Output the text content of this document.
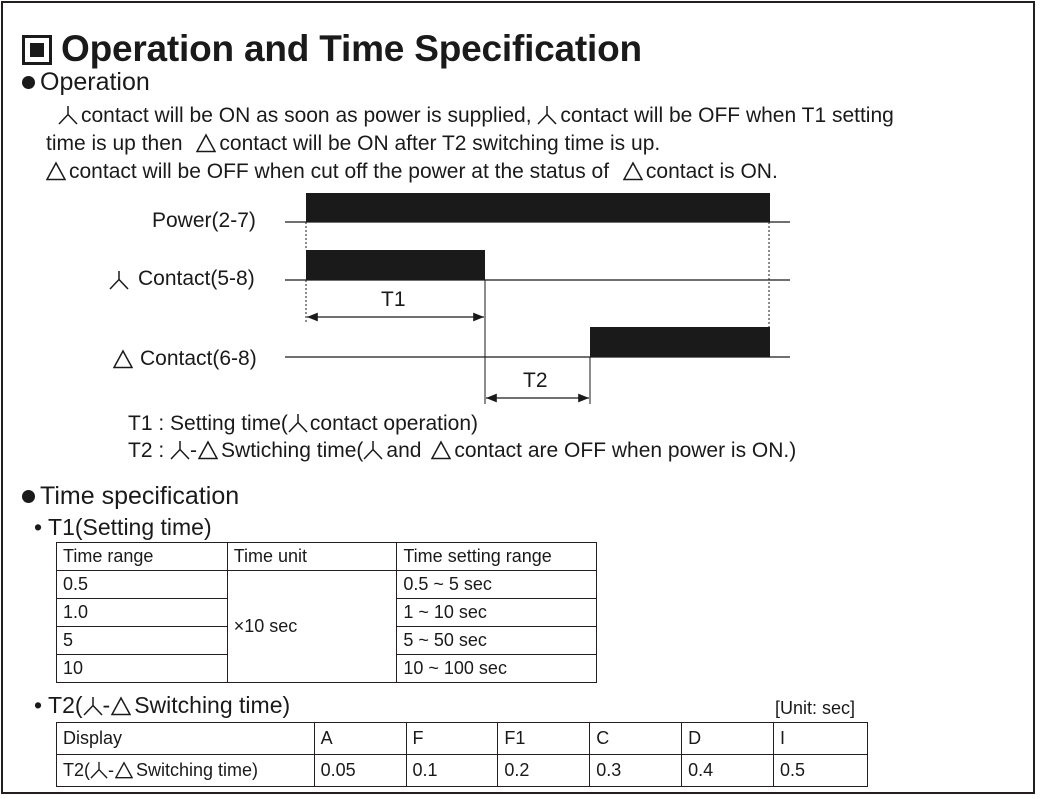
Operation and Time Specification
Operation
contact will be ON as soon as power is supplied, contact will be OFF when T1 setting
time is up then contact will be ON after T2 switching time is up.
contact will be OFF when cut off the power at the status of contact is ON.
Power(2-7)
Contact(5-8)
Contact(6-8)
T1
T2
T1 : Setting time( contact operation)
T2 : - Swtiching time( and contact are OFF when power is ON.)
Time specification
• T1(Setting time)
Time range	Time unit	Time setting range
0.5	×10 sec	0.5 ~ 5 sec
1.0		1 ~ 10 sec
5		5 ~ 50 sec
10		10 ~ 100 sec
• T2( - Switching time)	[Unit: sec]
Display	A	F	F1	C	D	I
T2( - Switching time)	0.05	0.1	0.2	0.3	0.4	0.5
